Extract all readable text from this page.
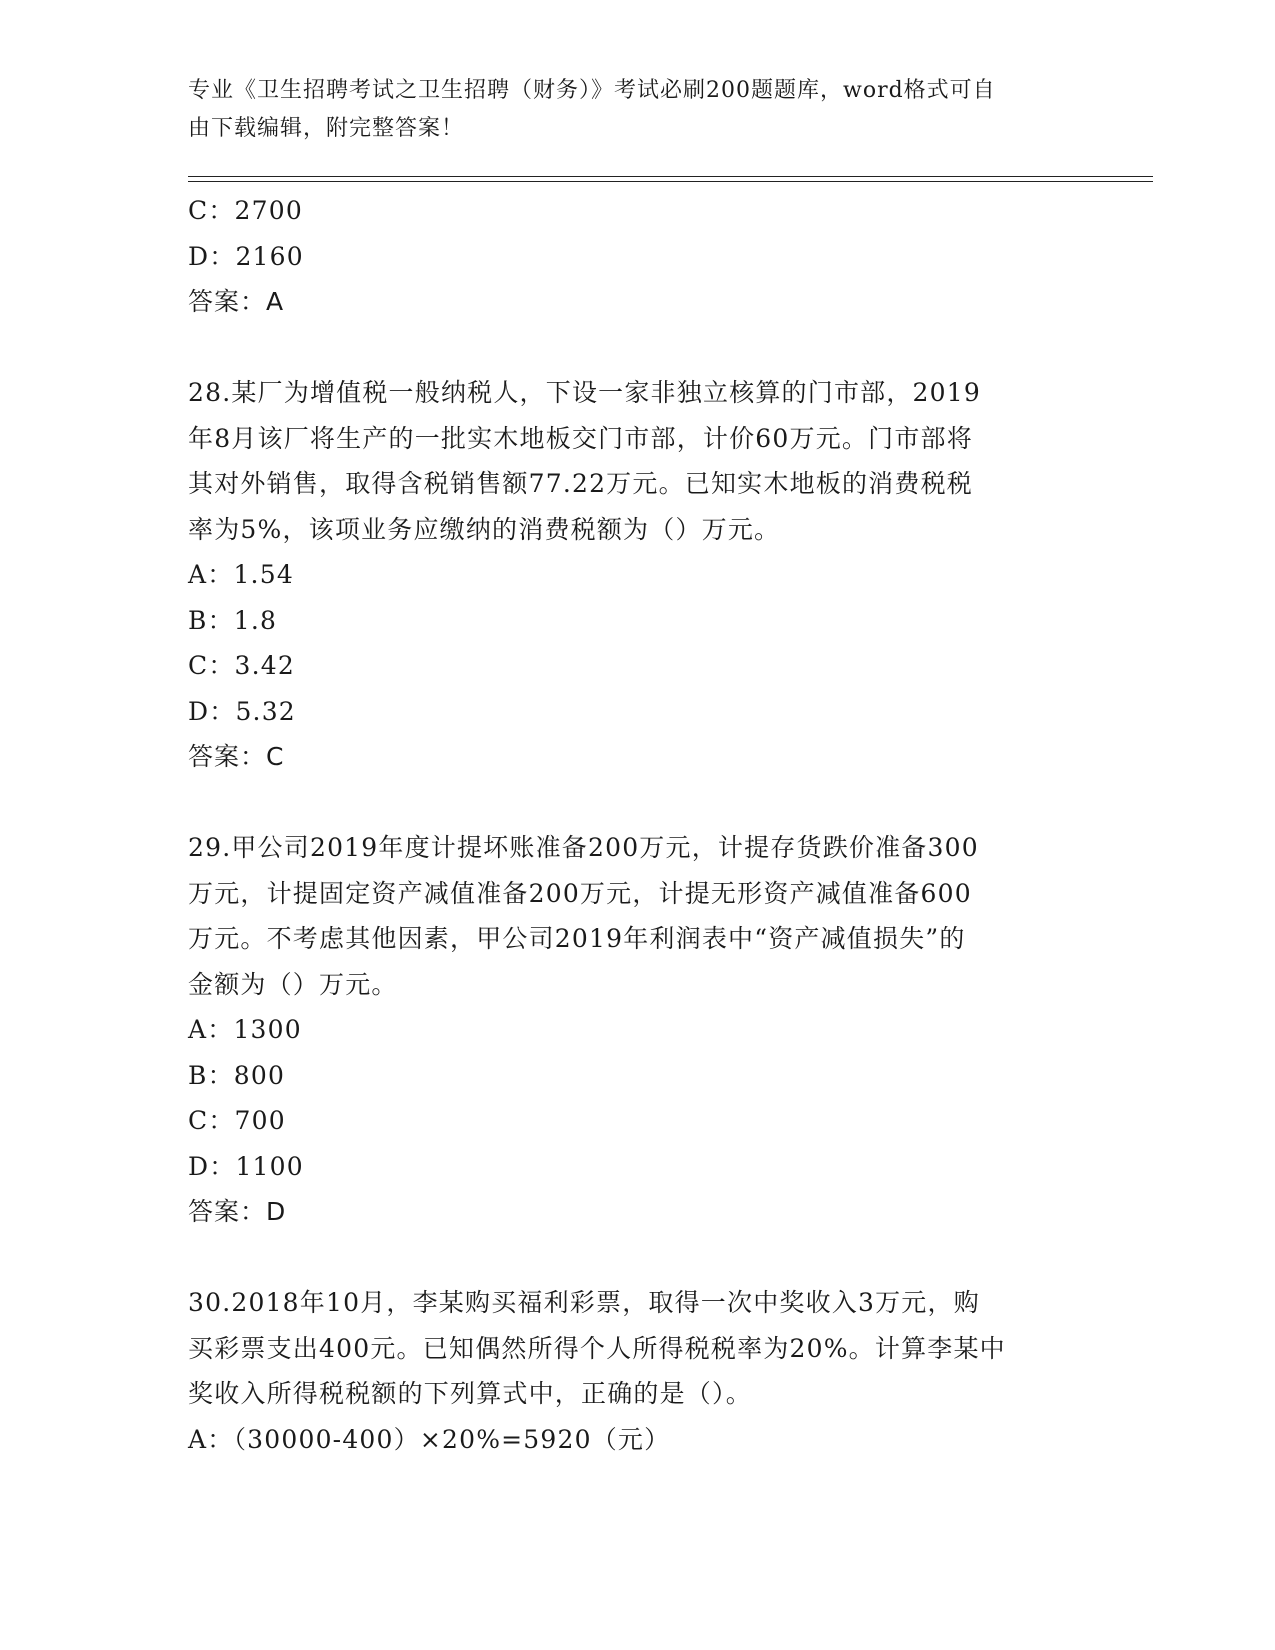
专业《卫生招聘考试之卫生招聘（财务）》考试必刷200题题库，word格式可自
由下载编辑，附完整答案！
C：2700
D：2160
答案：A
28.某厂为增值税一般纳税人，下设一家非独立核算的门市部，2019
年8月该厂将生产的一批实木地板交门市部，计价60万元。门市部将
其对外销售，取得含税销售额77.22万元。已知实木地板的消费税税
率为5%，该项业务应缴纳的消费税额为（）万元。
A：1.54
B：1.8
C：3.42
D：5.32
答案：C
29.甲公司2019年度计提坏账准备200万元，计提存货跌价准备300
万元，计提固定资产减值准备200万元，计提无形资产减值准备600
万元。不考虑其他因素，甲公司2019年利润表中“资产减值损失”的
金额为（）万元。
A：1300
B：800
C：700
D：1100
答案：D
30.2018年10月，李某购买福利彩票，取得一次中奖收入3万元，购
买彩票支出400元。已知偶然所得个人所得税税率为20%。计算李某中
奖收入所得税税额的下列算式中，正确的是（）。
A：（30000-400）×20%=5920（元）
